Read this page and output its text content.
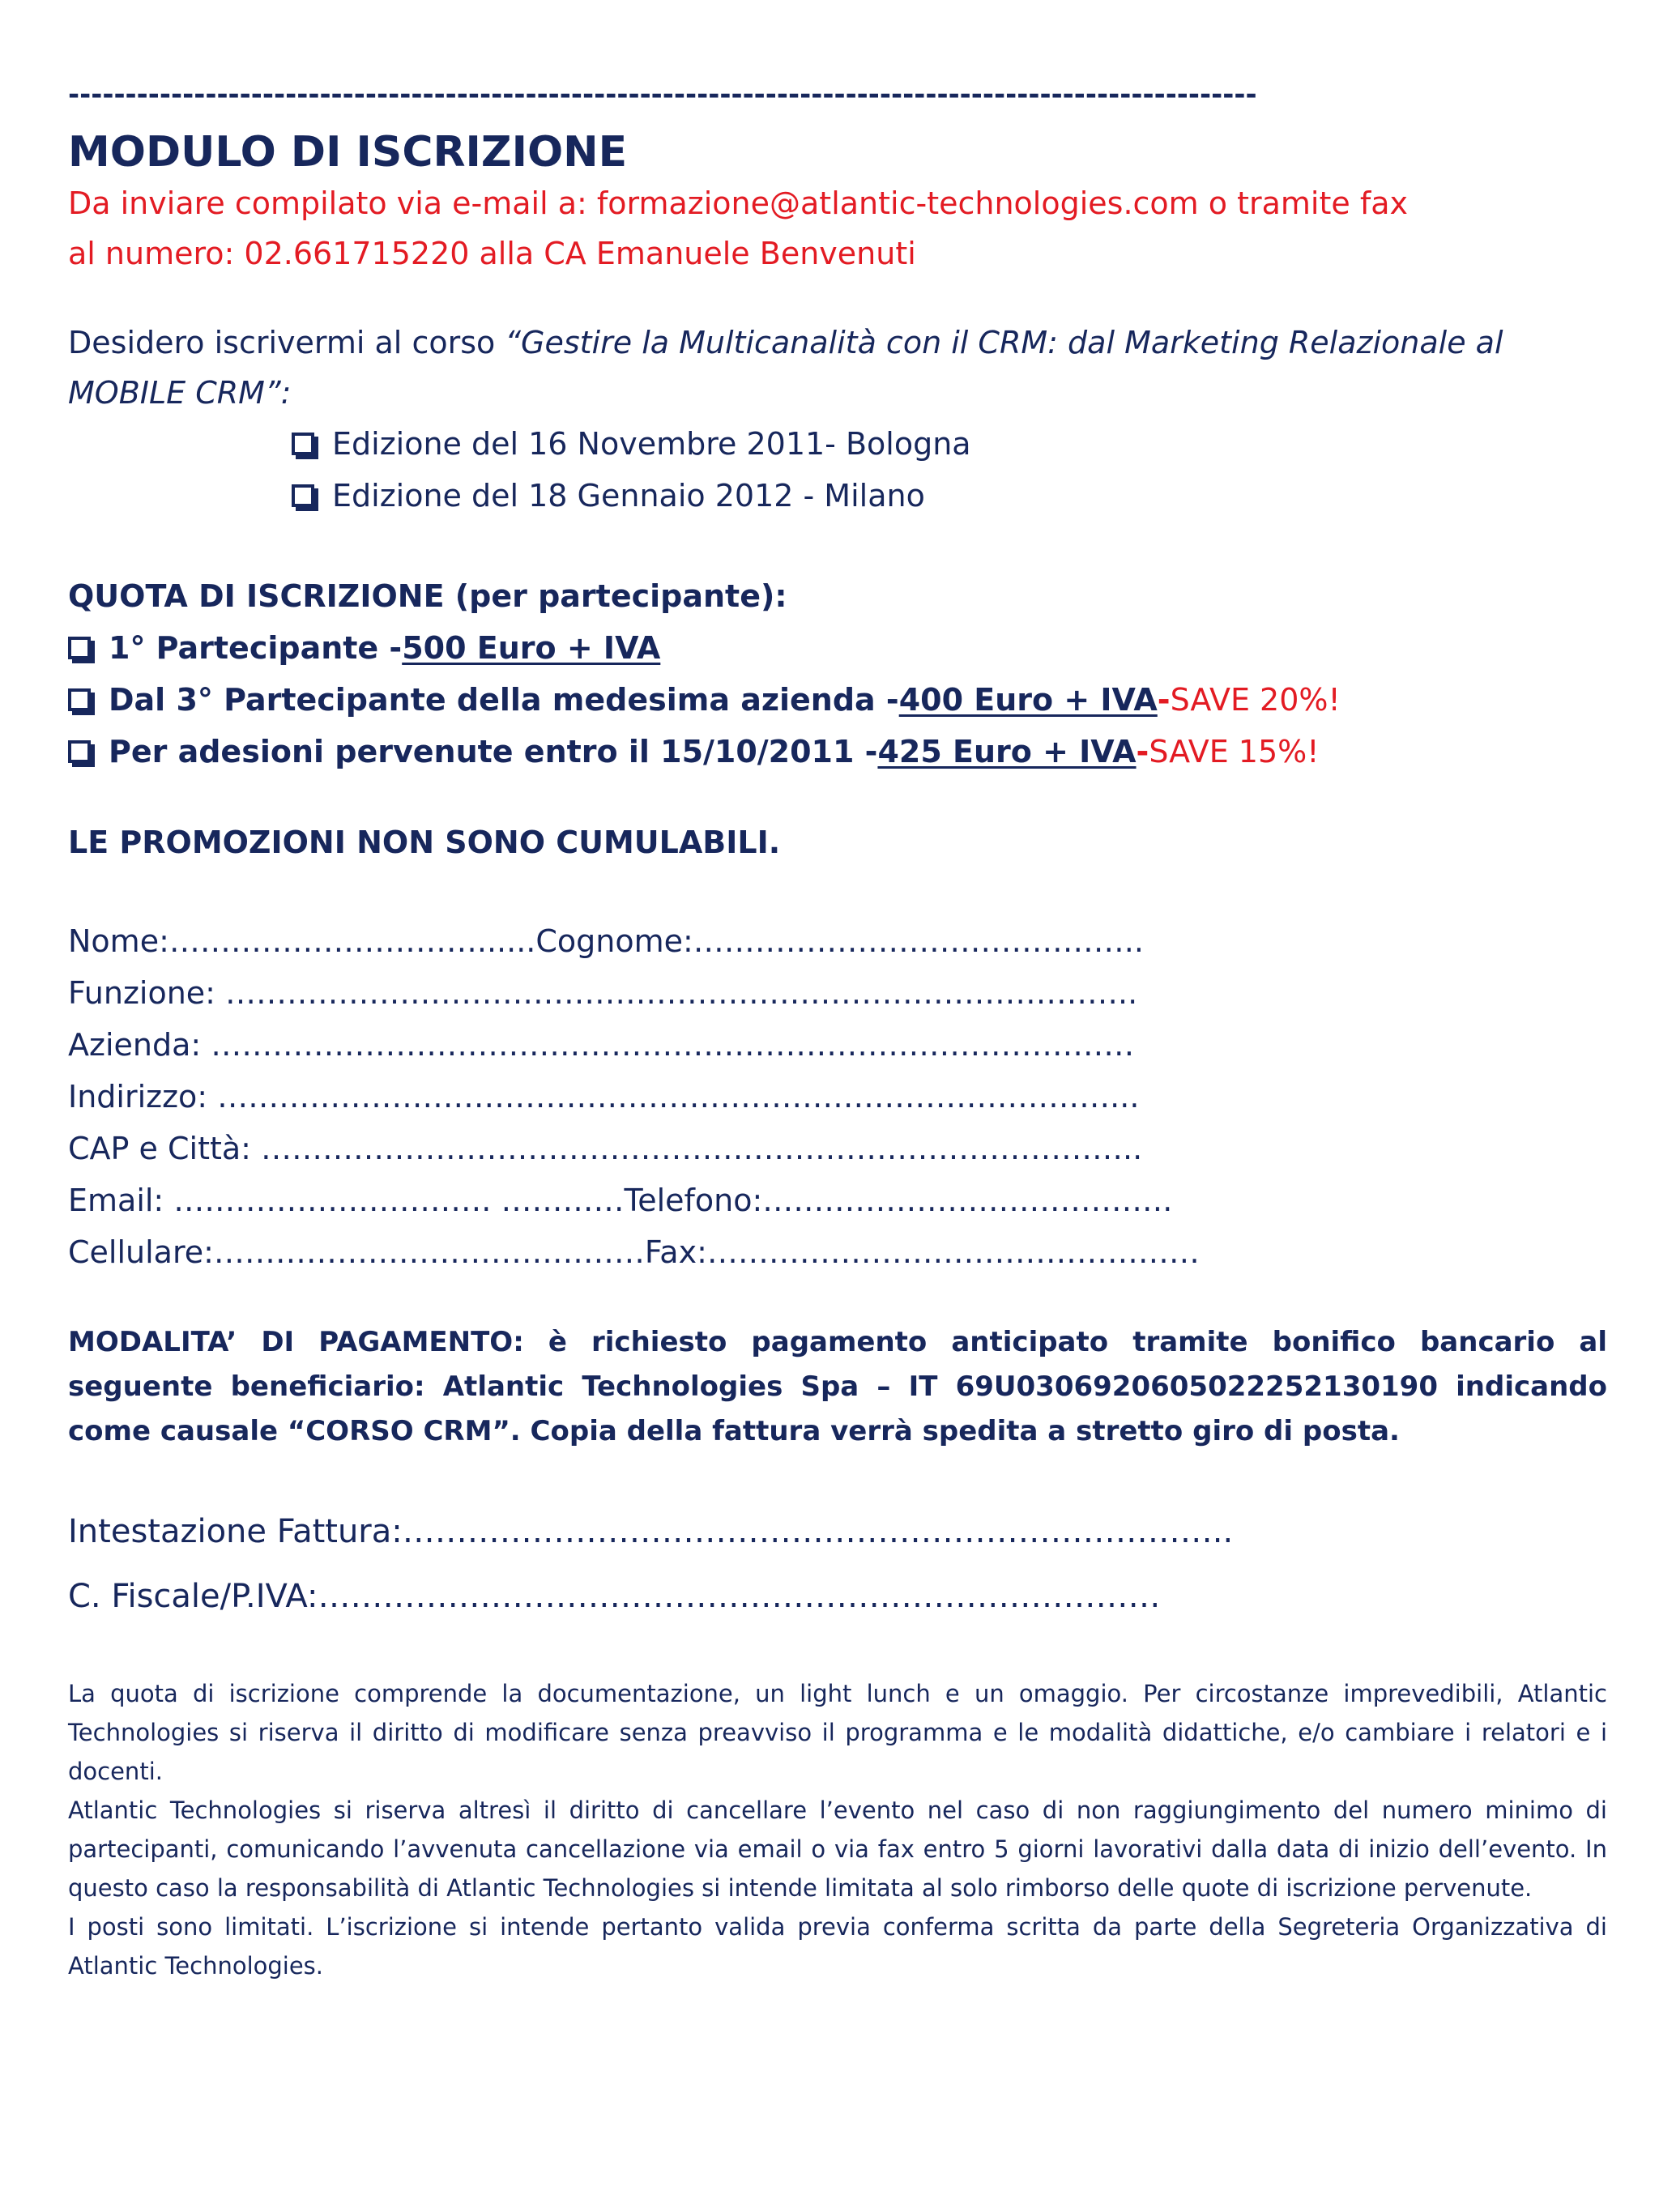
--------------------------------------------------------------------------------------------------------
MODULO DI ISCRIZIONE
Da inviare compilato via e-mail a: formazione@atlantic-technologies.com o tramite fax
al numero: 02.661715220 alla CA Emanuele Benvenuti
Desidero iscrivermi al corso “Gestire la Multicanalità con il CRM: dal Marketing Relazionale al MOBILE CRM”:
Edizione del 16 Novembre 2011- Bologna
Edizione del 18 Gennaio 2012 - Milano
QUOTA DI ISCRIZIONE (per partecipante):
1° Partecipante - 500 Euro + IVA
Dal 3° Partecipante della medesima azienda - 400 Euro + IVA - SAVE 20%!
Per adesioni pervenute entro il 15/10/2011 - 425 Euro + IVA - SAVE 15%!
LE PROMOZIONI NON SONO CUMULABILI.
Nome:…………………………......Cognome:……………………………………..
Funzione: ……………………………………………………………………………..
Azienda: ………………………………………………………………………………
Indirizzo: ……………………………………………………………………………...
CAP e Città: …………………………………………………………………………..
Email: …………………………. …………Telefono:………………………………….
Cellulare:……………………………………Fax:…………………………………………
MODALITA’ DI PAGAMENTO: è richiesto pagamento anticipato tramite bonifico bancario al seguente beneficiario: Atlantic Technologies Spa – IT 69U0306920605022252130190 indicando come causale “CORSO CRM”. Copia della fattura verrà spedita a stretto giro di posta.
Intestazione Fattura:…………………………………………………………………..
C. Fiscale/P.IVA:……………………………………………………………………

La quota di iscrizione comprende la documentazione, un light lunch e un omaggio. Per circostanze imprevedibili, Atlantic Technologies si riserva il diritto di modificare senza preavviso il programma e le modalità didattiche, e/o cambiare i relatori e i docenti.

Atlantic Technologies si riserva altresì il diritto di cancellare l’evento nel caso di non raggiungimento del numero minimo di partecipanti, comunicando l’avvenuta cancellazione via email o via fax entro 5 giorni lavorativi dalla data di inizio dell’evento. In questo caso la responsabilità di Atlantic Technologies si intende limitata al solo rimborso delle quote di iscrizione pervenute.

I posti sono limitati. L’iscrizione si intende pertanto valida previa conferma scritta da parte della Segreteria Organizzativa di Atlantic Technologies.
